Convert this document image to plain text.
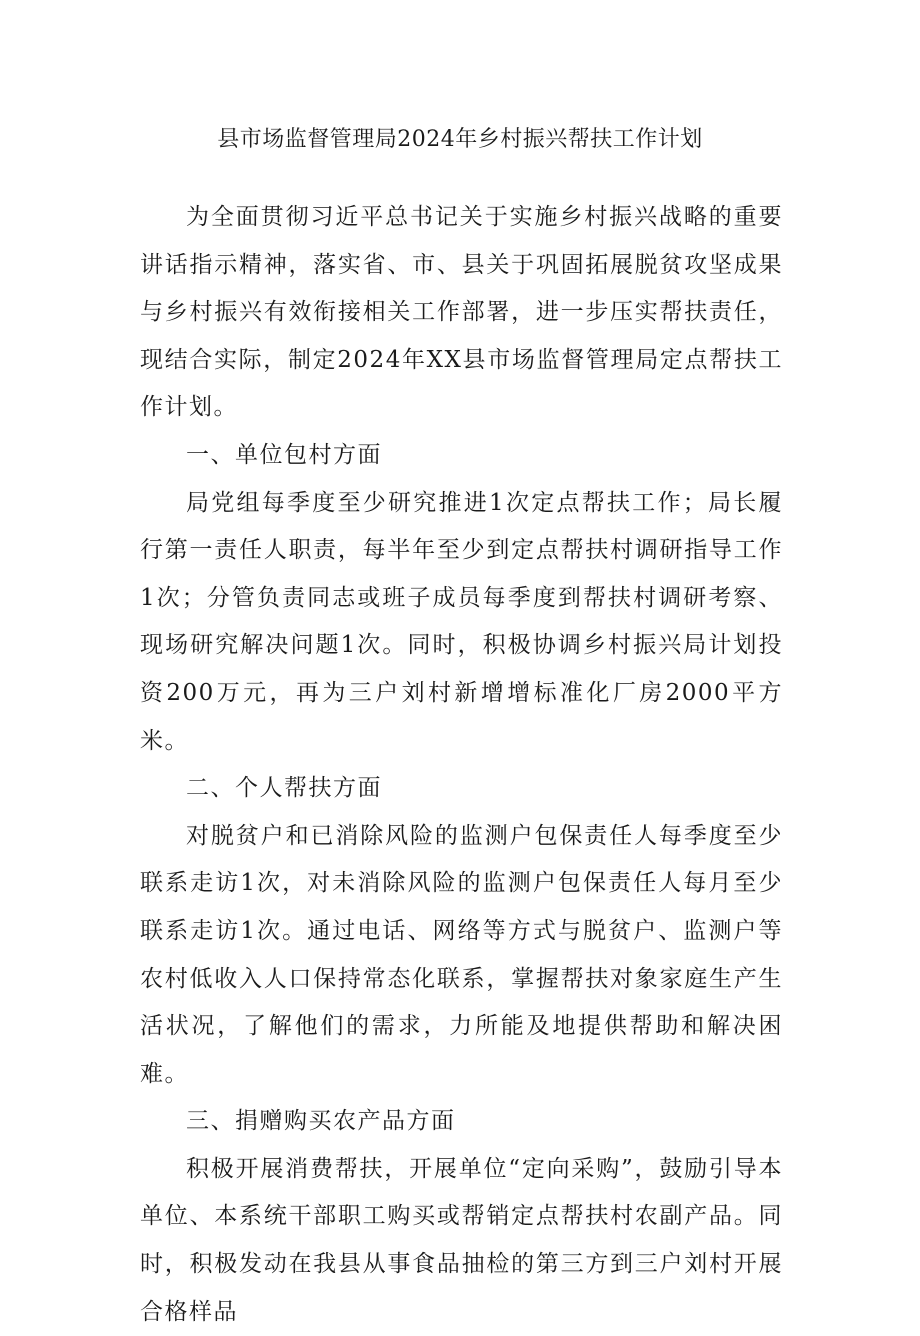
县市场监督管理局2024年乡村振兴帮扶工作计划

为全面贯彻习近平总书记关于实施乡村振兴战略的重要讲话指示精神，落实省、市、县关于巩固拓展脱贫攻坚成果与乡村振兴有效衔接相关工作部署，进一步压实帮扶责任，现结合实际，制定2024年XX县市场监督管理局定点帮扶工作计划。

一、单位包村方面

局党组每季度至少研究推进1次定点帮扶工作；局长履行第一责任人职责，每半年至少到定点帮扶村调研指导工作1次；分管负责同志或班子成员每季度到帮扶村调研考察、现场研究解决问题1次。同时，积极协调乡村振兴局计划投资200万元，再为三户刘村新增增标准化厂房2000平方米。

二、个人帮扶方面

对脱贫户和已消除风险的监测户包保责任人每季度至少联系走访1次，对未消除风险的监测户包保责任人每月至少联系走访1次。通过电话、网络等方式与脱贫户、监测户等农村低收入人口保持常态化联系，掌握帮扶对象家庭生产生活状况，了解他们的需求，力所能及地提供帮助和解决困难。

三、捐赠购买农产品方面

积极开展消费帮扶，开展单位“定向采购”，鼓励引导本单位、本系统干部职工购买或帮销定点帮扶村农副产品。同时，积极发动在我县从事食品抽检的第三方到三户刘村开展合格样品
